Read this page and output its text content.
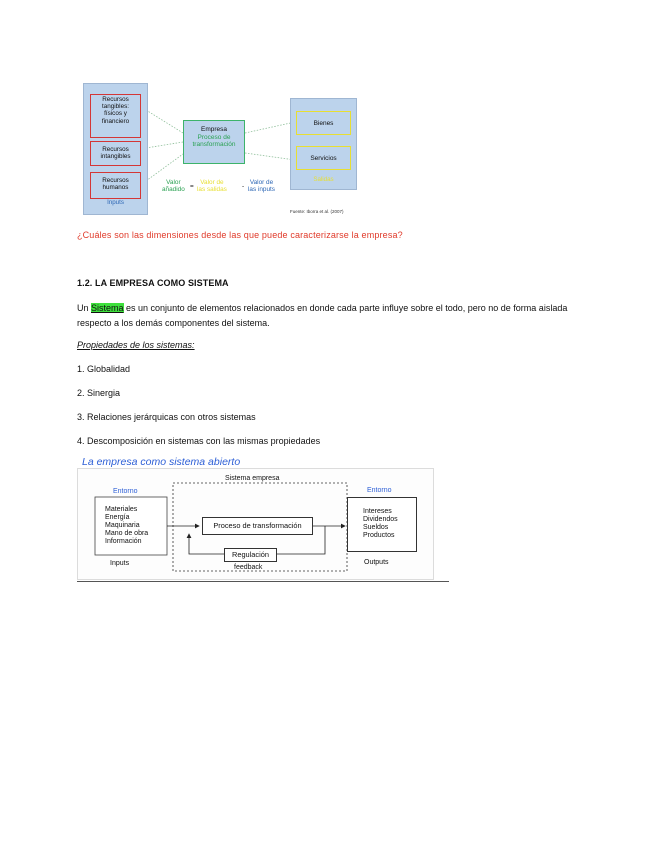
Recursos
tangibles:
físicos y
financiero
Recursos
intangibles
Recursos
humanos
Inputs
Empresa
Proceso de
transformación
Bienes
Servicios
Salidas
Valor
añadido =
Valor de
las salidas -
Valor de
las inputs
Fuente: Iborra et al. (2007)
¿Cuáles son las dimensiones desde las que puede caracterizarse la empresa?
1.2. LA EMPRESA COMO SISTEMA
Un Sistema es un conjunto de elementos relacionados en donde cada parte influye sobre el todo, pero no de forma aislada respecto a los demás componentes del sistema.
Propiedades de los sistemas:
1. Globalidad
2. Sinergia
3. Relaciones jerárquicas con otros sistemas
4. Descomposición en sistemas con las mismas propiedades
La empresa como sistema abierto
Sistema empresa
Entorno
Materiales
Energía
Maquinaria
Mano de obra
Información
Inputs
Proceso de transformación
Regulación
feedback
Entorno
Intereses
Dividendos
Sueldos
Productos
Outputs
